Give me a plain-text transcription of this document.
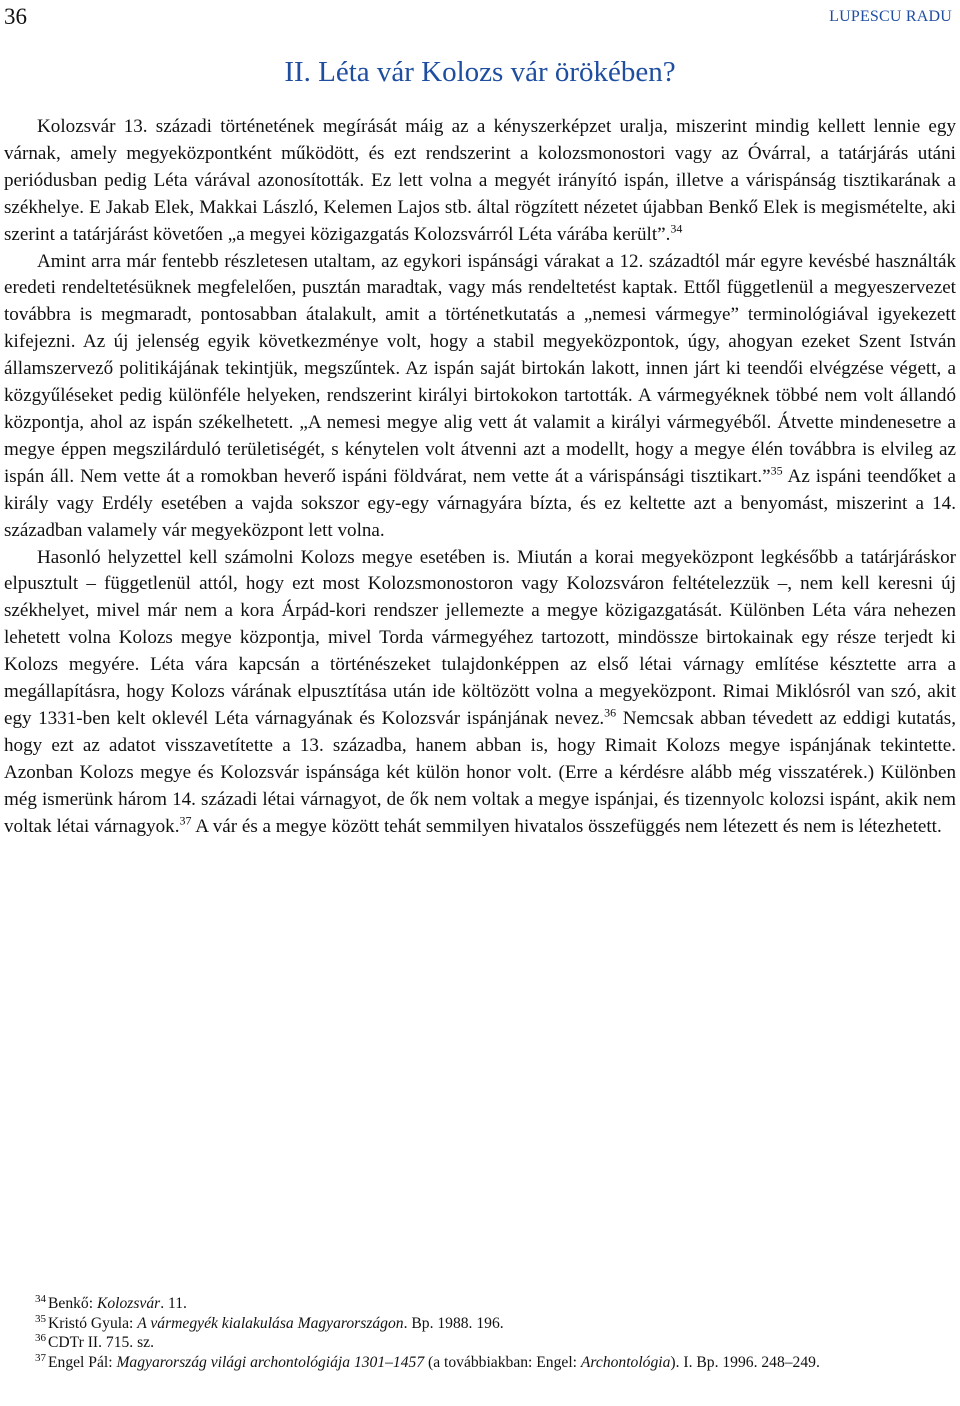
36	LUPESCU RADU
II. Léta vár Kolozs vár örökében?

Kolozsvár 13. századi történetének megírását máig az a kényszerképzet uralja, miszerint mindig kellett lennie egy várnak, amely megyeközpontként működött, és ezt rendszerint a kolozsmonostori vagy az Óvárral, a tatárjárás utáni periódusban pedig Léta várával azonosították. Ez lett volna a megyét irányító ispán, illetve a várispánság tisztikarának a székhelye. E Jakab Elek, Makkai László, Kelemen Lajos stb. által rögzített nézetet újabban Benkő Elek is megismételte, aki szerint a tatárjárást követően „a megyei közigazgatás Kolozsvárról Léta várába került”.$^{34}$

Amint arra már fentebb részletesen utaltam, az egykori ispánsági várakat a 12. századtól már egyre kevésbé használták eredeti rendeltetésüknek megfelelően, pusztán maradtak, vagy más rendeltetést kaptak. Ettől függetlenül a megyeszervezet továbbra is megmaradt, pontosabban átalakult, amit a történetkutatás a „nemesi vármegye” terminológiával igyekezett kifejezni. Az új jelenség egyik következménye volt, hogy a stabil megyeközpontok, úgy, ahogyan ezeket Szent István államszervező politikájának tekintjük, megszűntek. Az ispán saját birtokán lakott, innen járt ki teendői elvégzése végett, a közgyűléseket pedig különféle helyeken, rendszerint királyi birtokokon tartották. A vármegyéknek többé nem volt állandó központja, ahol az ispán székelhetett. „A nemesi megye alig vett át valamit a királyi vármegyéből. Átvette mindenesetre a megye éppen megszilárduló területiségét, s kénytelen volt átvenni azt a modellt, hogy a megye élén továbbra is elvileg az ispán áll. Nem vette át a romokban heverő ispáni földvárat, nem vette át a várispánsági tisztikart.”$^{35}$ Az ispáni teendőket a király vagy Erdély esetében a vajda sokszor egy-egy várnagyára bízta, és ez keltette azt a benyomást, miszerint a 14. században valamely vár megyeközpont lett volna.

Hasonló helyzettel kell számolni Kolozs megye esetében is. Miután a korai megyeközpont legkésőbb a tatárjáráskor elpusztult – függetlenül attól, hogy ezt most Kolozsmonostoron vagy Kolozsváron feltételezzük –, nem kell keresni új székhelyet, mivel már nem a kora Árpád-kori rendszer jellemezte a megye közigazgatását. Különben Léta vára nehezen lehetett volna Kolozs megye központja, mivel Torda vármegyéhez tartozott, mindössze birtokainak egy része terjedt ki Kolozs megyére. Léta vára kapcsán a történészeket tulajdonképpen az első létai várnagy említése késztette arra a megállapításra, hogy Kolozs várának elpusztítása után ide költözött volna a megyeközpont. Rimai Miklósról van szó, akit egy 1331-ben kelt oklevél Léta várnagyának és Kolozsvár ispánjának nevez.$^{36}$ Nemcsak abban tévedett az eddigi kutatás, hogy ezt az adatot visszavetítette a 13. századba, hanem abban is, hogy Rimait Kolozs megye ispánjának tekintette. Azonban Kolozs megye és Kolozsvár ispánsága két külön honor volt. (Erre a kérdésre alább még visszatérek.) Különben még ismerünk három 14. századi létai várnagyot, de ők nem voltak a megye ispánjai, és tizennyolc kolozsi ispánt, akik nem voltak létai várnagyok.$^{37}$ A vár és a megye között tehát semmilyen hivatalos összefüggés nem létezett és nem is létezhetett.

$^{34}$ Benkő: Kolozsvár. 11.

$^{35}$ Kristó Gyula: A vármegyék kialakulása Magyarországon. Bp. 1988. 196.

$^{36}$ CDTr II. 715. sz.

$^{37}$ Engel Pál: Magyarország világi archontológiája 1301–1457 (a továbbiakban: Engel: Archontológia). I. Bp. 1996. 248–249.
